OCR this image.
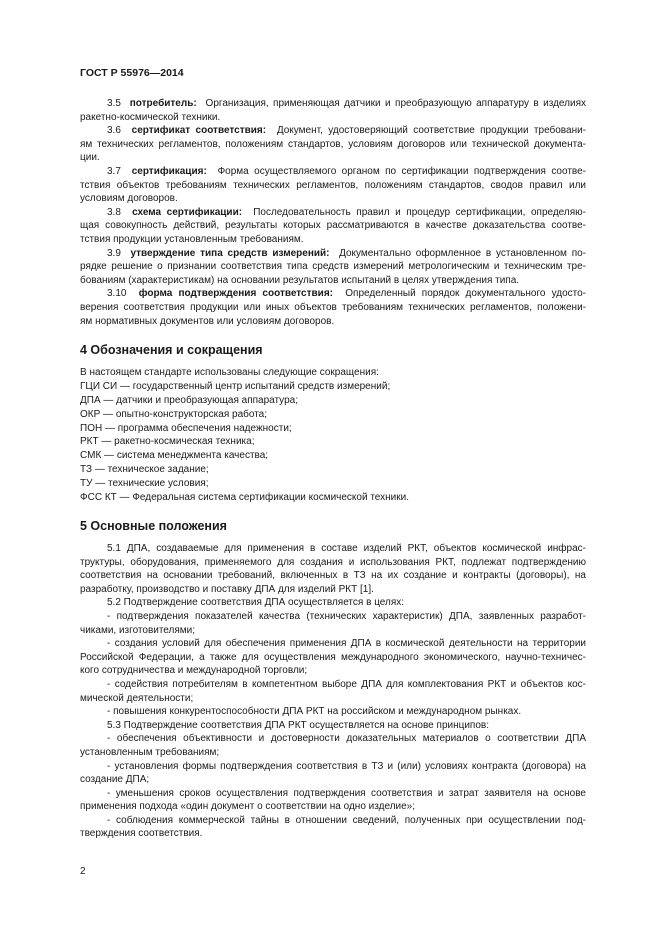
ГОСТ Р 55976—2014
3.5 потребитель: Организация, применяющая датчики и преобразующую аппаратуру в изделиях
ракетно-космической техники.
3.6 сертификат соответствия: Документ, удостоверяющий соответствие продукции требовани-
ям технических регламентов, положениям стандартов, условиям договоров или технической документа-
ции.
3.7 сертификация: Форма осуществляемого органом по сертификации подтверждения соотве-
тствия объектов требованиям технических регламентов, положениям стандартов, сводов правил или
условиям договоров.
3.8 схема сертификации: Последовательность правил и процедур сертификации, определяю-
щая совокупность действий, результаты которых рассматриваются в качестве доказательства соотве-
тствия продукции установленным требованиям.
3.9 утверждение типа средств измерений: Документально оформленное в установленном по-
рядке решение о признании соответствия типа средств измерений метрологическим и техническим тре-
бованиям (характеристикам) на основании результатов испытаний в целях утверждения типа.
3.10 форма подтверждения соответствия: Определенный порядок документального удосто-
верения соответствия продукции или иных объектов требованиям технических регламентов, положени-
ям нормативных документов или условиям договоров.
4 Обозначения и сокращения
В настоящем стандарте использованы следующие сокращения:
ГЦИ СИ — государственный центр испытаний средств измерений;
ДПА — датчики и преобразующая аппаратура;
ОКР — опытно-конструкторская работа;
ПОН — программа обеспечения надежности;
РКТ — ракетно-космическая техника;
СМК — система менеджмента качества;
ТЗ — техническое задание;
ТУ — технические условия;
ФСС КТ — Федеральная система сертификации космической техники.
5 Основные положения
5.1 ДПА, создаваемые для применения в составе изделий РКТ, объектов космической инфрас-
труктуры, оборудования, применяемого для создания и использования РКТ, подлежат подтверждению
соответствия на основании требований, включенных в ТЗ на их создание и контракты (договоры), на
разработку, производство и поставку ДПА для изделий РКТ [1].
5.2 Подтверждение соответствия ДПА осуществляется в целях:
- подтверждения показателей качества (технических характеристик) ДПА, заявленных разработ-
чиками, изготовителями;
- создания условий для обеспечения применения ДПА в космической деятельности на территории
Российской Федерации, а также для осуществления международного экономического, научно-техничес-
кого сотрудничества и международной торговли;
- содействия потребителям в компетентном выборе ДПА для комплектования РКТ и объектов кос-
мической деятельности;
- повышения конкурентоспособности ДПА РКТ на российском и международном рынках.
5.3 Подтверждение соответствия ДПА РКТ осуществляется на основе принципов:
- обеспечения объективности и достоверности доказательных материалов о соответствии ДПА
установленным требованиям;
- установления формы подтверждения соответствия в ТЗ и (или) условиях контракта (договора) на
создание ДПА;
- уменьшения сроков осуществления подтверждения соответствия и затрат заявителя на основе
применения подхода «один документ о соответствии на одно изделие»;
- соблюдения коммерческой тайны в отношении сведений, полученных при осуществлении под-
тверждения соответствия.
2
